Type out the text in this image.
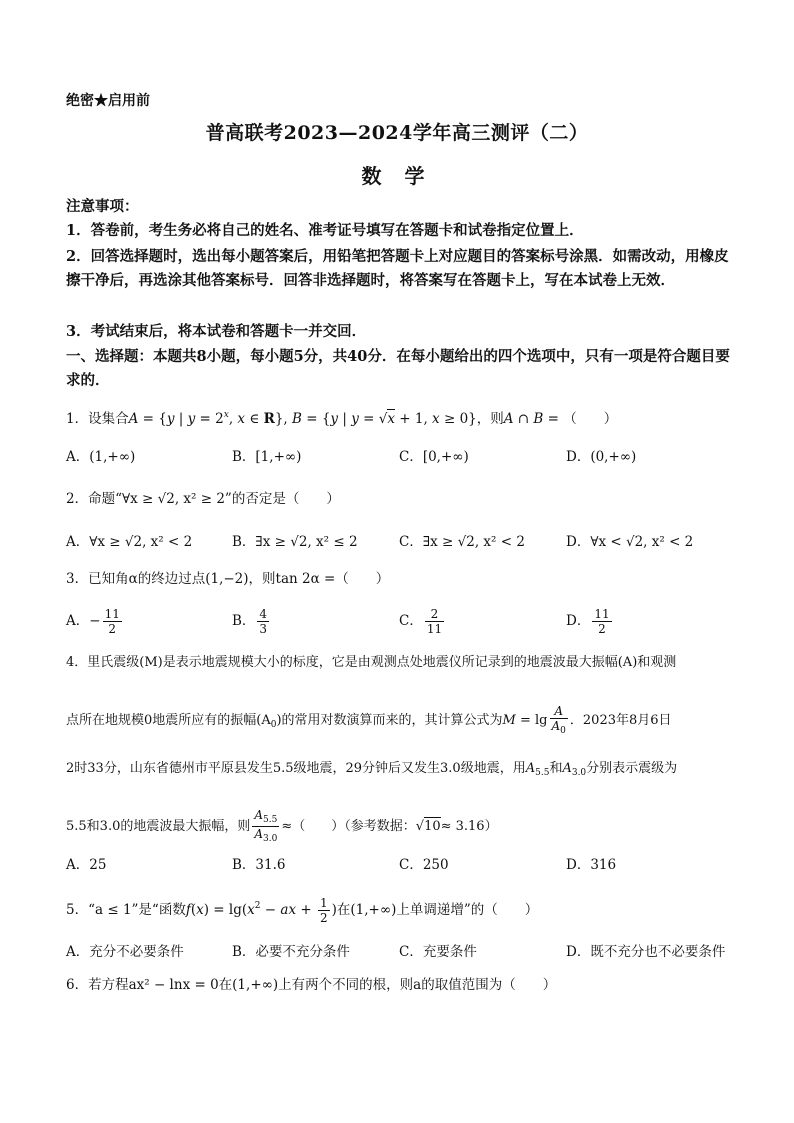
绝密★启用前
普高联考2023—2024学年高三测评（二）
数 学
注意事项：
1．答卷前，考生务必将自己的姓名、准考证号填写在答题卡和试卷指定位置上．
2．回答选择题时，选出每小题答案后，用铅笔把答题卡上对应题目的答案标号涂黑．如需改动，用橡皮擦干净后，再选涂其他答案标号．回答非选择题时，将答案写在答题卡上，写在本试卷上无效．
3．考试结束后，将本试卷和答题卡一并交回．
一、选择题：本题共8小题，每小题5分，共40分．在每小题给出的四个选项中，只有一项是符合题目要求的．
1．设集合A = {y | $y = 2^x$, x ∈ R}, B = {y | y = √x + 1, x ≥ 0}，则A ∩ B = （　　）
A．(1,+∞)	B．[1,+∞)	C．[0,+∞)	D．(0,+∞)
2．命题“∀x ≥ √2, x² ≥ 2”的否定是（　　）
A．∀x ≥ √2, x² < 2	B．∃x ≥ √2, x² ≤ 2	C．∃x ≥ √2, x² < 2	D．∀x < √2, x² < 2
3．已知角α的终边过点(1,−2)，则tan 2α =（　　）
A．− $\frac{11}{2}$	B． $\frac{4}{3}$	C． $\frac{2}{11}$	D． $\frac{11}{2}$
4．里氏震级(M)是表示地震规模大小的标度，它是由观测点处地震仪所记录到的地震波最大振幅(A)和观测
点所在地规模0地震所应有的振幅$(A_0)$的常用对数演算而来的，其计算公式为$M = \lg \frac{A}{A_0}$ ．2023年8月6日
2时33分，山东省德州市平原县发生5.5级地震，29分钟后又发生3.0级地震，用$A_{5.5}$和$A_{3.0}$分别表示震级为
5.5和3.0的地震波最大振幅，则 $\frac{A_{5.5}}{A_{3.0}}$ ≈（　　）（参考数据：√10≈ 3.16）
A．25	B．31.6	C．250	D．316
5．“a ≤ 1”是“函数$f(x) = \lg(x^2$ − ax + $\frac{1}{2}$ )在(1,+∞)上单调递增”的（　　）
A．充分不必要条件	B．必要不充分条件	C．充要条件	D．既不充分也不必要条件
6．若方程ax² − lnx = 0在(1,+∞)上有两个不同的根，则a的取值范围为（　　）
